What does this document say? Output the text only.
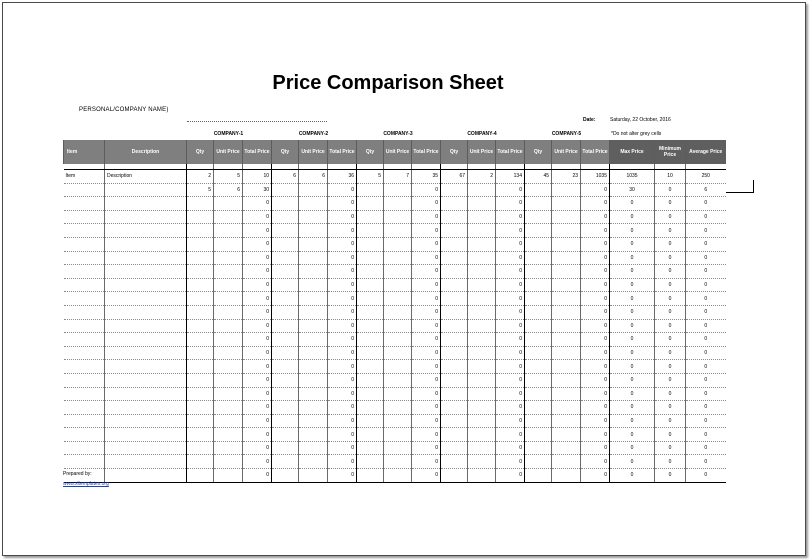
Price Comparison Sheet
PERSONAL/COMPANY NAME)
Date:	Saturday, 22 October, 2016
*Do not alter grey cells
COMPANY-1	COMPANY-2	COMPANY-3	COMPANY-4	COMPANY-5
Item	Description	Qty	Unit Price	Total Price	Qty	Unit Price	Total Price	Qty	Unit Price	Total Price	Qty	Unit Price	Total Price	Qty	Unit Price	Total Price	Max Price	Minimum Price	Average Price

Item	Description	2	5	10	6	6	36	5	7	35	67	2	134	45	23	1035	1035	10	250
		5	6	30			0			0			0			0	30	0	6
				0			0			0			0			0	0	0	0
				0			0			0			0			0	0	0	0
				0			0			0			0			0	0	0	0
				0			0			0			0			0	0	0	0
				0			0			0			0			0	0	0	0
				0			0			0			0			0	0	0	0
				0			0			0			0			0	0	0	0
				0			0			0			0			0	0	0	0
				0			0			0			0			0	0	0	0
				0			0			0			0			0	0	0	0
				0			0			0			0			0	0	0	0
				0			0			0			0			0	0	0	0
				0			0			0			0			0	0	0	0
				0			0			0			0			0	0	0	0
				0			0			0			0			0	0	0	0
				0			0			0			0			0	0	0	0
				0			0			0			0			0	0	0	0
				0			0			0			0			0	0	0	0
				0			0			0			0			0	0	0	0
				0			0			0			0			0	0	0	0
				0			0			0			0			0	0	0	0
Prepared by:
www.xltemplates.org
